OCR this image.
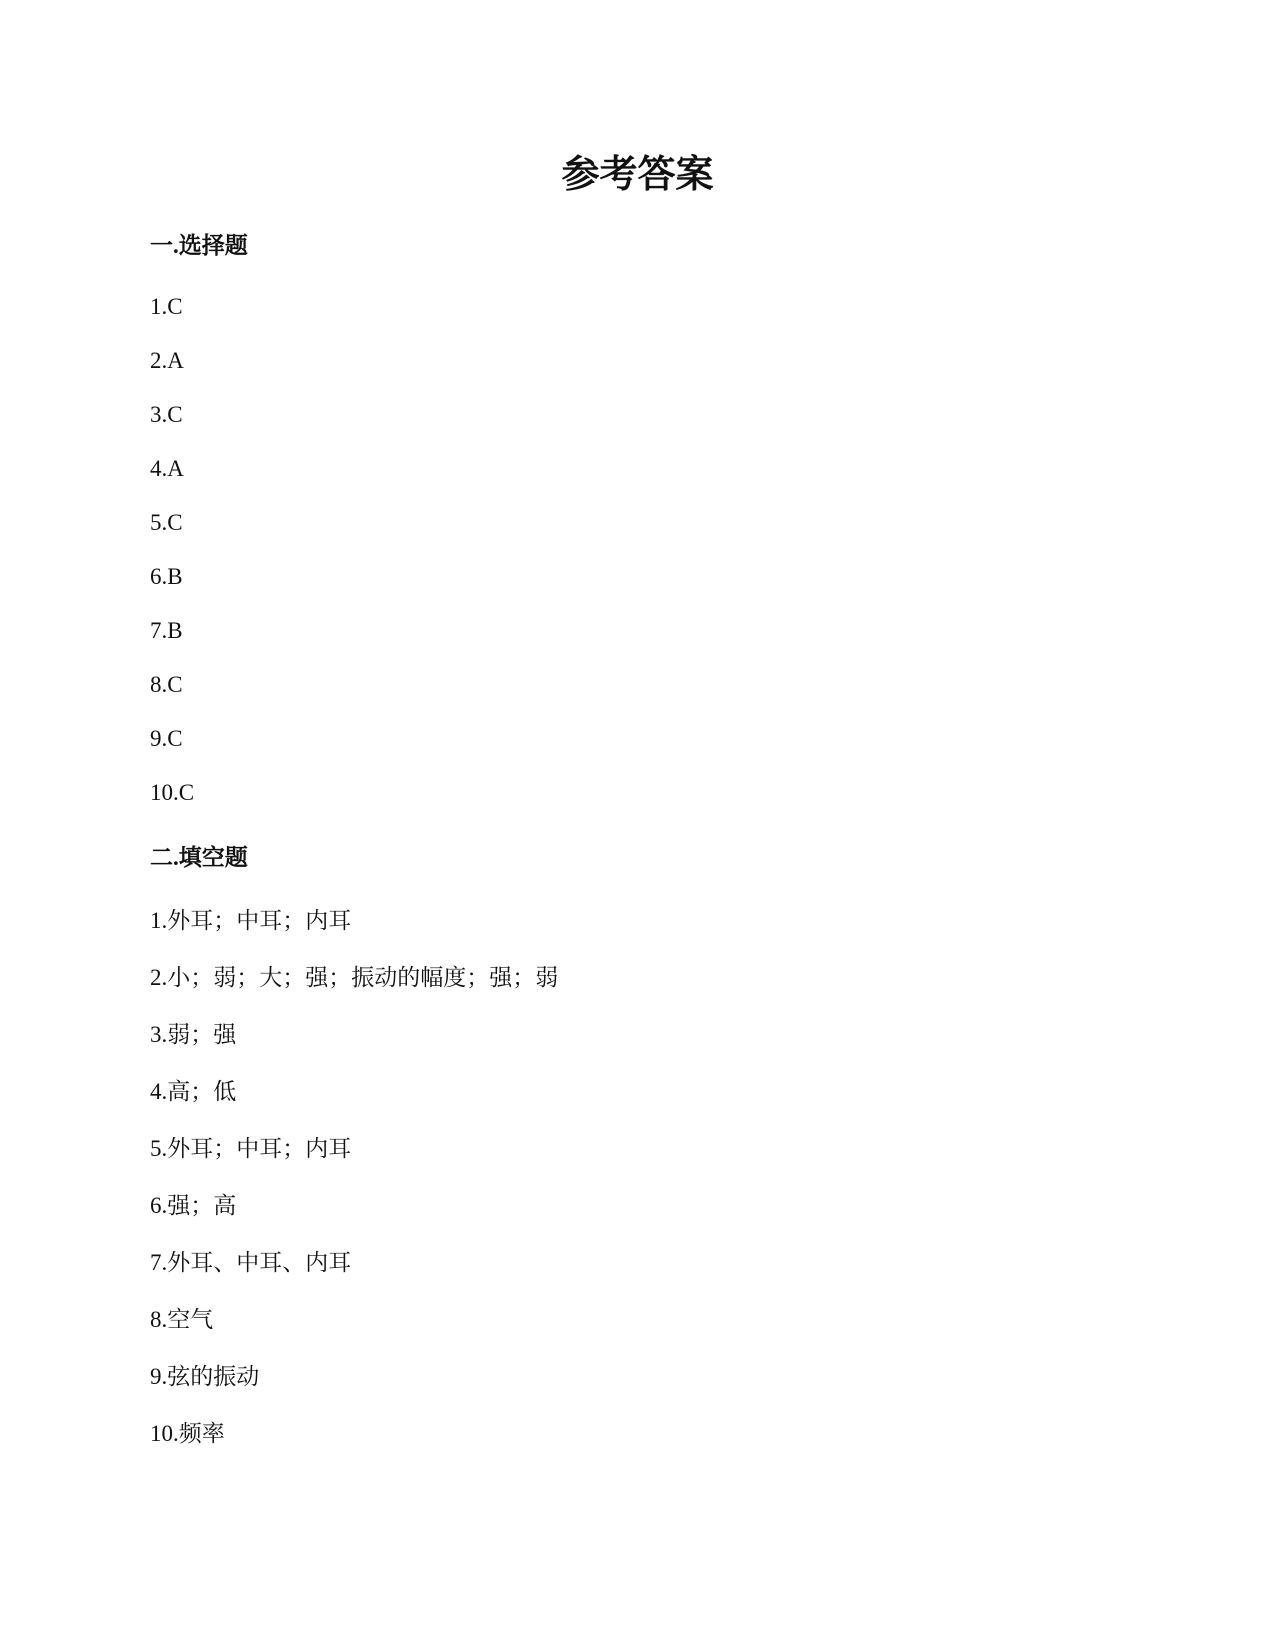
参考答案
一.选择题
1.C
2.A
3.C
4.A
5.C
6.B
7.B
8.C
9.C
10.C
二.填空题
1.外耳；中耳；内耳
2.小；弱；大；强；振动的幅度；强；弱
3.弱；强
4.高；低
5.外耳；中耳；内耳
6.强；高
7.外耳、中耳、内耳
8.空气
9.弦的振动
10.频率
